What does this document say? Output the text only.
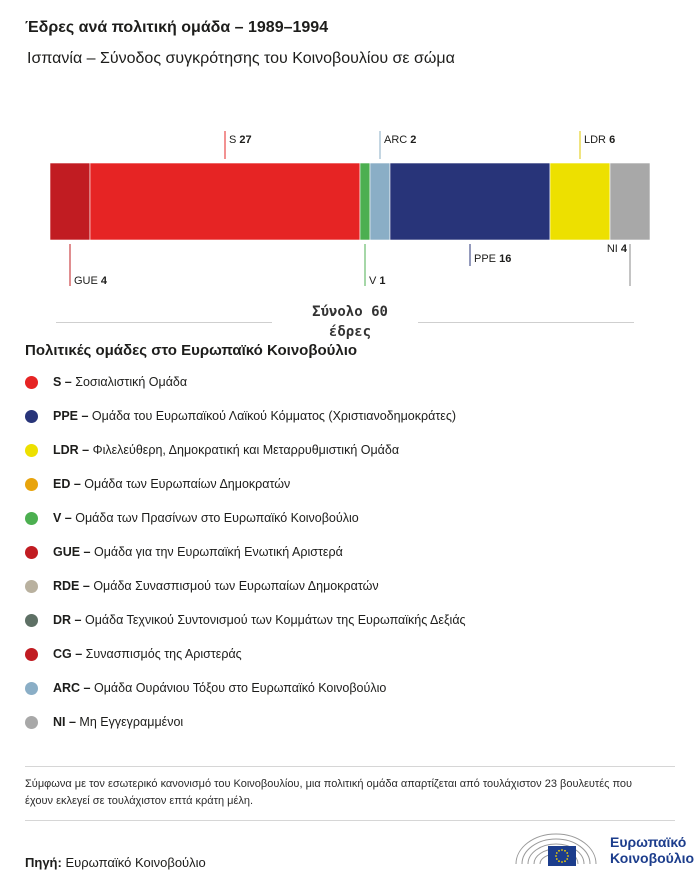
Έδρες ανά πολιτική ομάδα – 1989–1994
Ισπανία – Σύνοδος συγκρότησης του Κοινοβουλίου σε σώμα
GUE 4
S 27
V 1
ARC 2
PPE 16
LDR 6
NI 4
Σύνολο 60
έδρες
Πολιτικές ομάδες στο Ευρωπαϊκό Κοινοβούλιο
S – Σοσιαλιστική Ομάδα
PPE – Ομάδα του Ευρωπαϊκού Λαϊκού Κόμματος (Χριστιανοδημοκράτες)
LDR – Φιλελεύθερη, Δημοκρατική και Μεταρρυθμιστική Ομάδα
ED – Ομάδα των Ευρωπαίων Δημοκρατών
V – Ομάδα των Πρασίνων στο Ευρωπαϊκό Κοινοβούλιο
GUE – Ομάδα για την Ευρωπαϊκή Ενωτική Αριστερά
RDE – Ομάδα Συνασπισμού των Ευρωπαίων Δημοκρατών
DR – Ομάδα Τεχνικού Συντονισμού των Κομμάτων της Ευρωπαϊκής Δεξιάς
CG – Συνασπισμός της Αριστεράς
ARC – Ομάδα Ουράνιου Τόξου στο Ευρωπαϊκό Κοινοβούλιο
NI – Μη Εγγεγραμμένοι

Σύμφωνα με τον εσωτερικό κανονισμό του Κοινοβουλίου, μια πολιτική ομάδα απαρτίζεται από τουλάχιστον 23 βουλευτές που έχουν εκλεγεί σε τουλάχιστον επτά κράτη μέλη.

Πηγή: Ευρωπαϊκό Κοινοβούλιο

Ευρωπαϊκό
Κοινοβούλιο
